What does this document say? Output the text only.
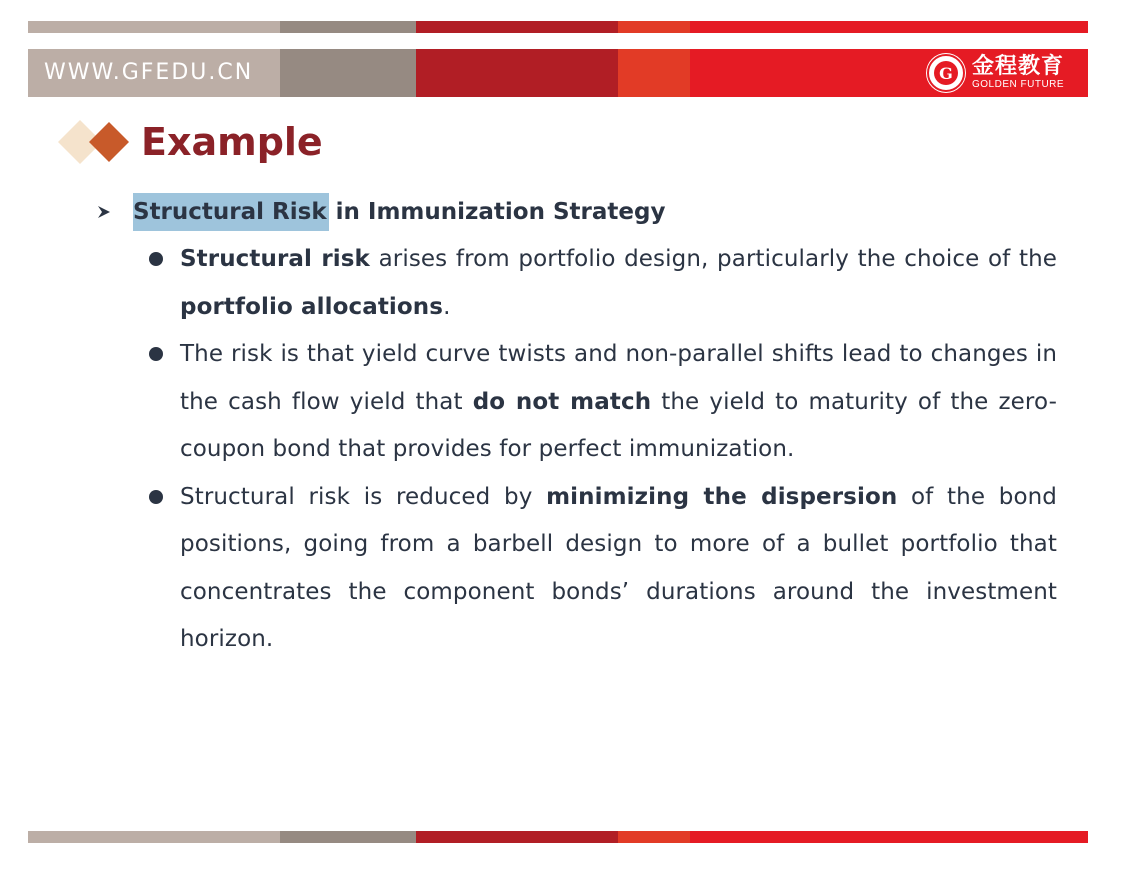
WWW.GFEDU.CN	G 金程教育
GOLDEN FUTURE
Example
Structural Risk in Immunization Strategy
Structural risk arises from portfolio design, particularly the choice of the portfolio allocations.
The risk is that yield curve twists and non-parallel shifts lead to changes in the cash flow yield that do not match the yield to maturity of the zero-coupon bond that provides for perfect immunization.
Structural risk is reduced by minimizing the dispersion of the bond positions, going from a barbell design to more of a bullet portfolio that concentrates the component bonds’ durations around the investment horizon.
